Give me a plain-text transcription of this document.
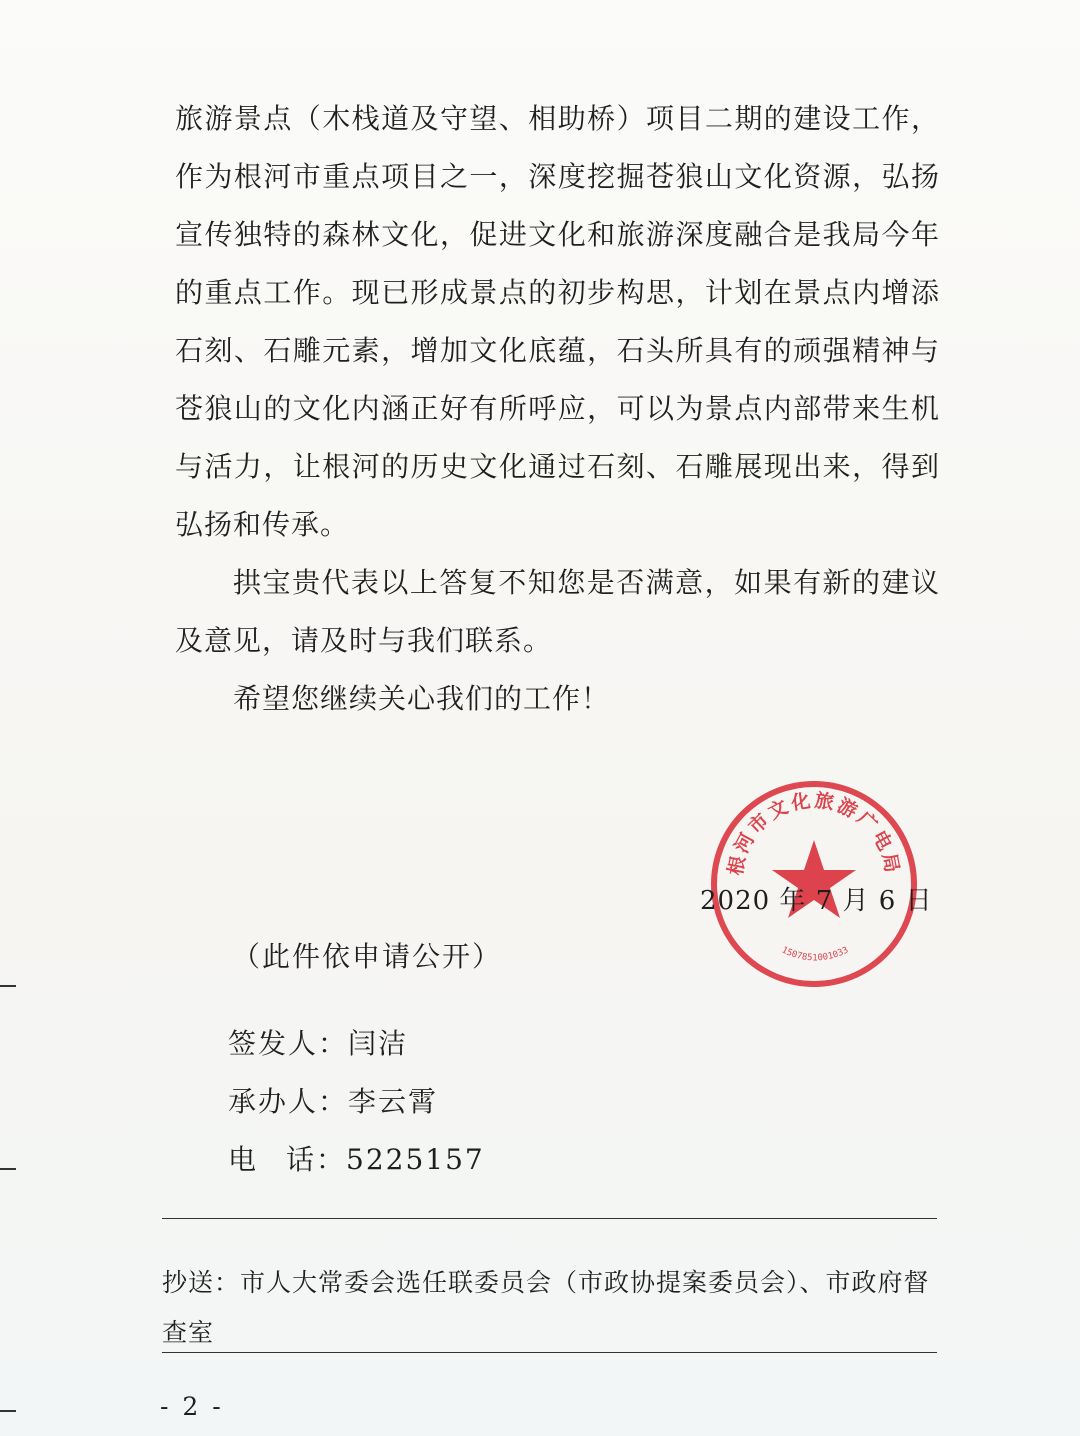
旅游景点（木栈道及守望、相助桥）项目二期的建设工作，作为根河市重点项目之一，深度挖掘苍狼山文化资源，弘扬宣传独特的森林文化，促进文化和旅游深度融合是我局今年的重点工作。现已形成景点的初步构思，计划在景点内增添石刻、石雕元素，增加文化底蕴，石头所具有的顽强精神与苍狼山的文化内涵正好有所呼应，可以为景点内部带来生机与活力，让根河的历史文化通过石刻、石雕展现出来，得到弘扬和传承。

拱宝贵代表以上答复不知您是否满意，如果有新的建议及意见，请及时与我们联系。

希望您继续关心我们的工作！

根河市文化旅游广电局
1507851001033
2020 年 7 月 6 日
（此件依申请公开）
签发人：闫洁
承办人：李云霄
电 话：5225157
抄送：市人大常委会选任联委员会（市政协提案委员会）、市政府督查室
- 2 -
